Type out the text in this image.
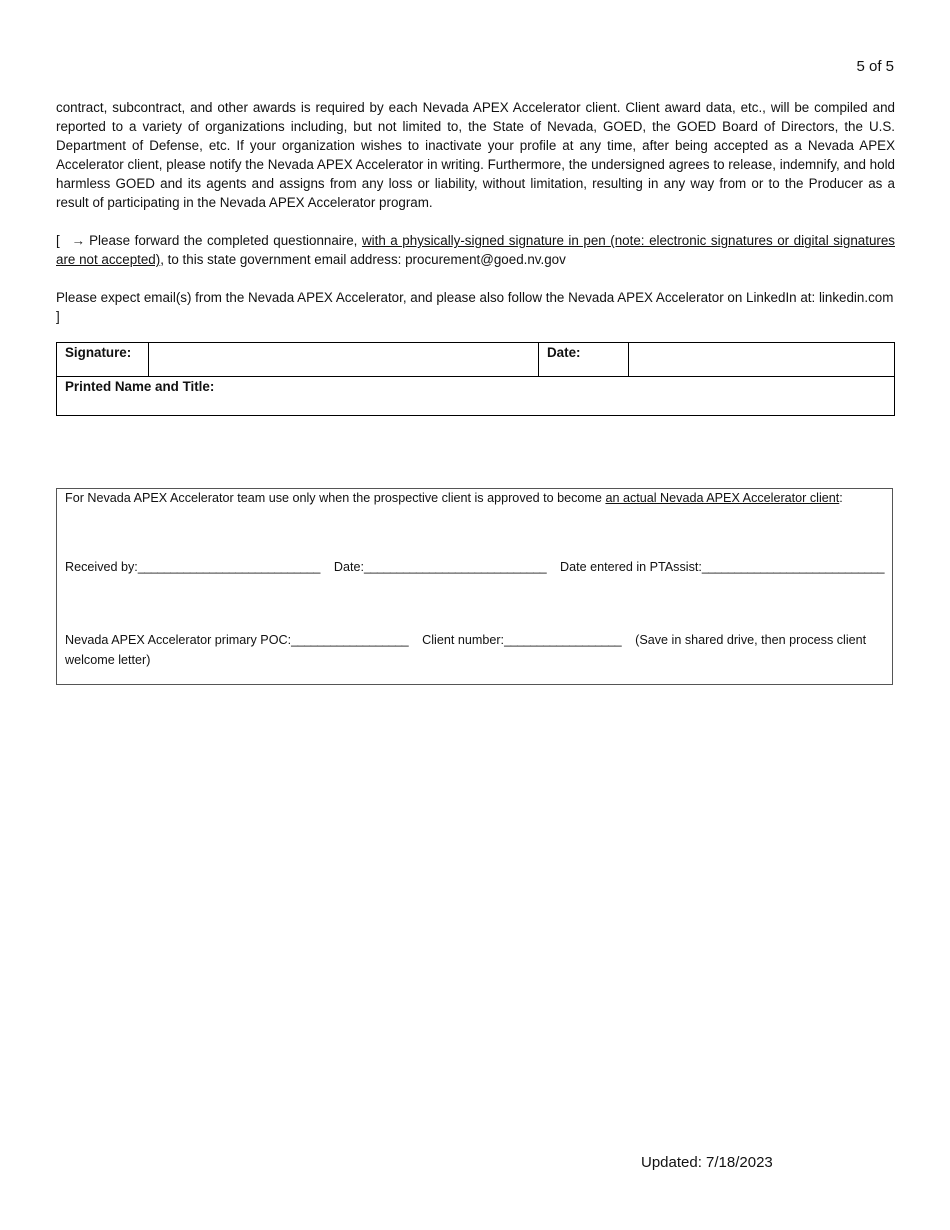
5 of 5
contract, subcontract, and other awards is required by each Nevada APEX Accelerator client. Client award data, etc., will be compiled and reported to a variety of organizations including, but not limited to, the State of Nevada, GOED, the GOED Board of Directors, the U.S. Department of Defense, etc. If your organization wishes to inactivate your profile at any time, after being accepted as a Nevada APEX Accelerator client, please notify the Nevada APEX Accelerator in writing. Furthermore, the undersigned agrees to release, indemnify, and hold harmless GOED and its agents and assigns from any loss or liability, without limitation, resulting in any way from or to the Producer as a result of participating in the Nevada APEX Accelerator program.
[ → Please forward the completed questionnaire, with a physically-signed signature in pen (note: electronic signatures or digital signatures are not accepted), to this state government email address: procurement@goed.nv.gov
Please expect email(s) from the Nevada APEX Accelerator, and please also follow the Nevada APEX Accelerator on LinkedIn at: linkedin.com ]
Signature:		Date:	
Printed Name and Title:
For Nevada APEX Accelerator team use only when the prospective client is approved to become an actual Nevada APEX Accelerator client:
Received by:____________________________ Date:____________________________ Date entered in PTAssist:____________________________
Nevada APEX Accelerator primary POC:__________________ Client number:__________________ (Save in shared drive, then process client welcome letter)
Updated: 7/18/2023
